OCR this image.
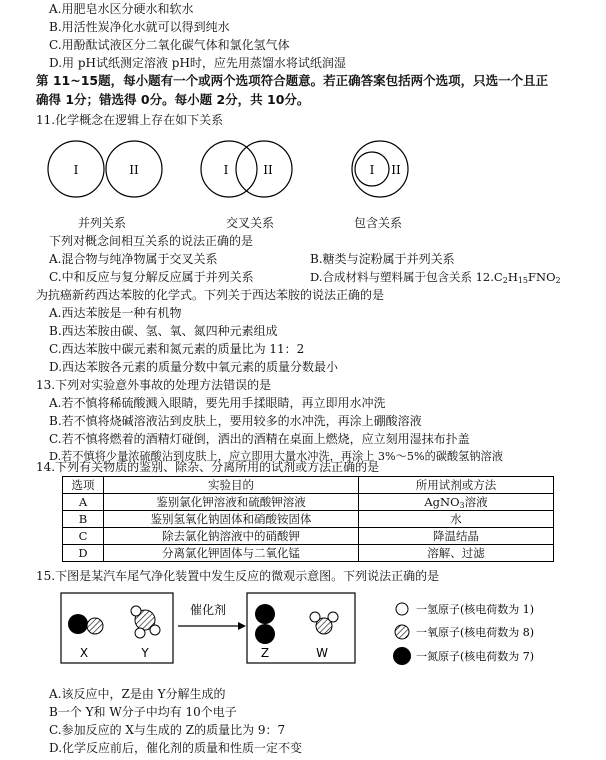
A.用肥皂水区分硬水和软水
B.用活性炭净化水就可以得到纯水
C.用酚酞试液区分二氧化碳气体和氯化氢气体
D.用 pH试纸测定溶液 pH时，应先用蒸馏水将试纸润湿
第 11~15题，每小题有一个或两个选项符合题意。若正确答案包括两个选项，只选一个且正
确得 1分；错选得 0分。每小题 2分，共 10分。
11.化学概念在逻辑上存在如下关系
I	II	I	II	I II
并列关系	交叉关系	包含关系
下列对概念间相互关系的说法正确的是
A.混合物与纯净物属于交叉关系	B.糖类与淀粉属于并列关系
C.中和反应与复分解反应属于并列关系	D.合成材料与塑料属于包含关系 $12.C_2H_{15}FNO_2$
为抗癌新药西达苯胺的化学式。下列关于西达苯胺的说法正确的是
A.西达苯胺是一种有机物
B.西达苯胺由碳、氢、氧、氮四种元素组成
C.西达苯胺中碳元素和氮元素的质量比为 11：2
D.西达苯胺各元素的质量分数中氧元素的质量分数最小
13.下列对实验意外事故的处理方法错误的是
A.若不慎将稀硫酸溅入眼睛，要先用手揉眼睛，再立即用水冲洗
B.若不慎将烧碱溶液沾到皮肤上，要用较多的水冲洗，再涂上硼酸溶液
C.若不慎将燃着的酒精灯碰倒，洒出的酒精在桌面上燃烧，应立刻用湿抹布扑盖
D.若不慎将少量浓硫酸沾到皮肤上，应立即用大量水冲洗，再涂上 3%～5%的碳酸氢钠溶液
14.下列有关物质的鉴别、除杂、分离所用的试剂或方法正确的是
选项	实验目的	所用试剂或方法
A	鉴别氯化钾溶液和硫酸钾溶液	AgNO$_3$溶液
B	鉴别氢氧化钠固体和硝酸铵固体	水
C	除去氯化钠溶液中的硝酸钾	降温结晶
D	分离氯化钾固体与二氧化锰	溶解、过滤
15.下图是某汽车尾气净化装置中发生反应的微观示意图。下列说法正确的是
X	Y
催化剂
Z	W
一氢原子(核电荷数为 1)
一氧原子(核电荷数为 8)
一氮原子(核电荷数为 7)
A.该反应中，Z是由 Y分解生成的
B一个 Y和 W分子中均有 10个电子
C.参加反应的 X与生成的 Z的质量比为 9：7
D.化学反应前后，催化剂的质量和性质一定不变
